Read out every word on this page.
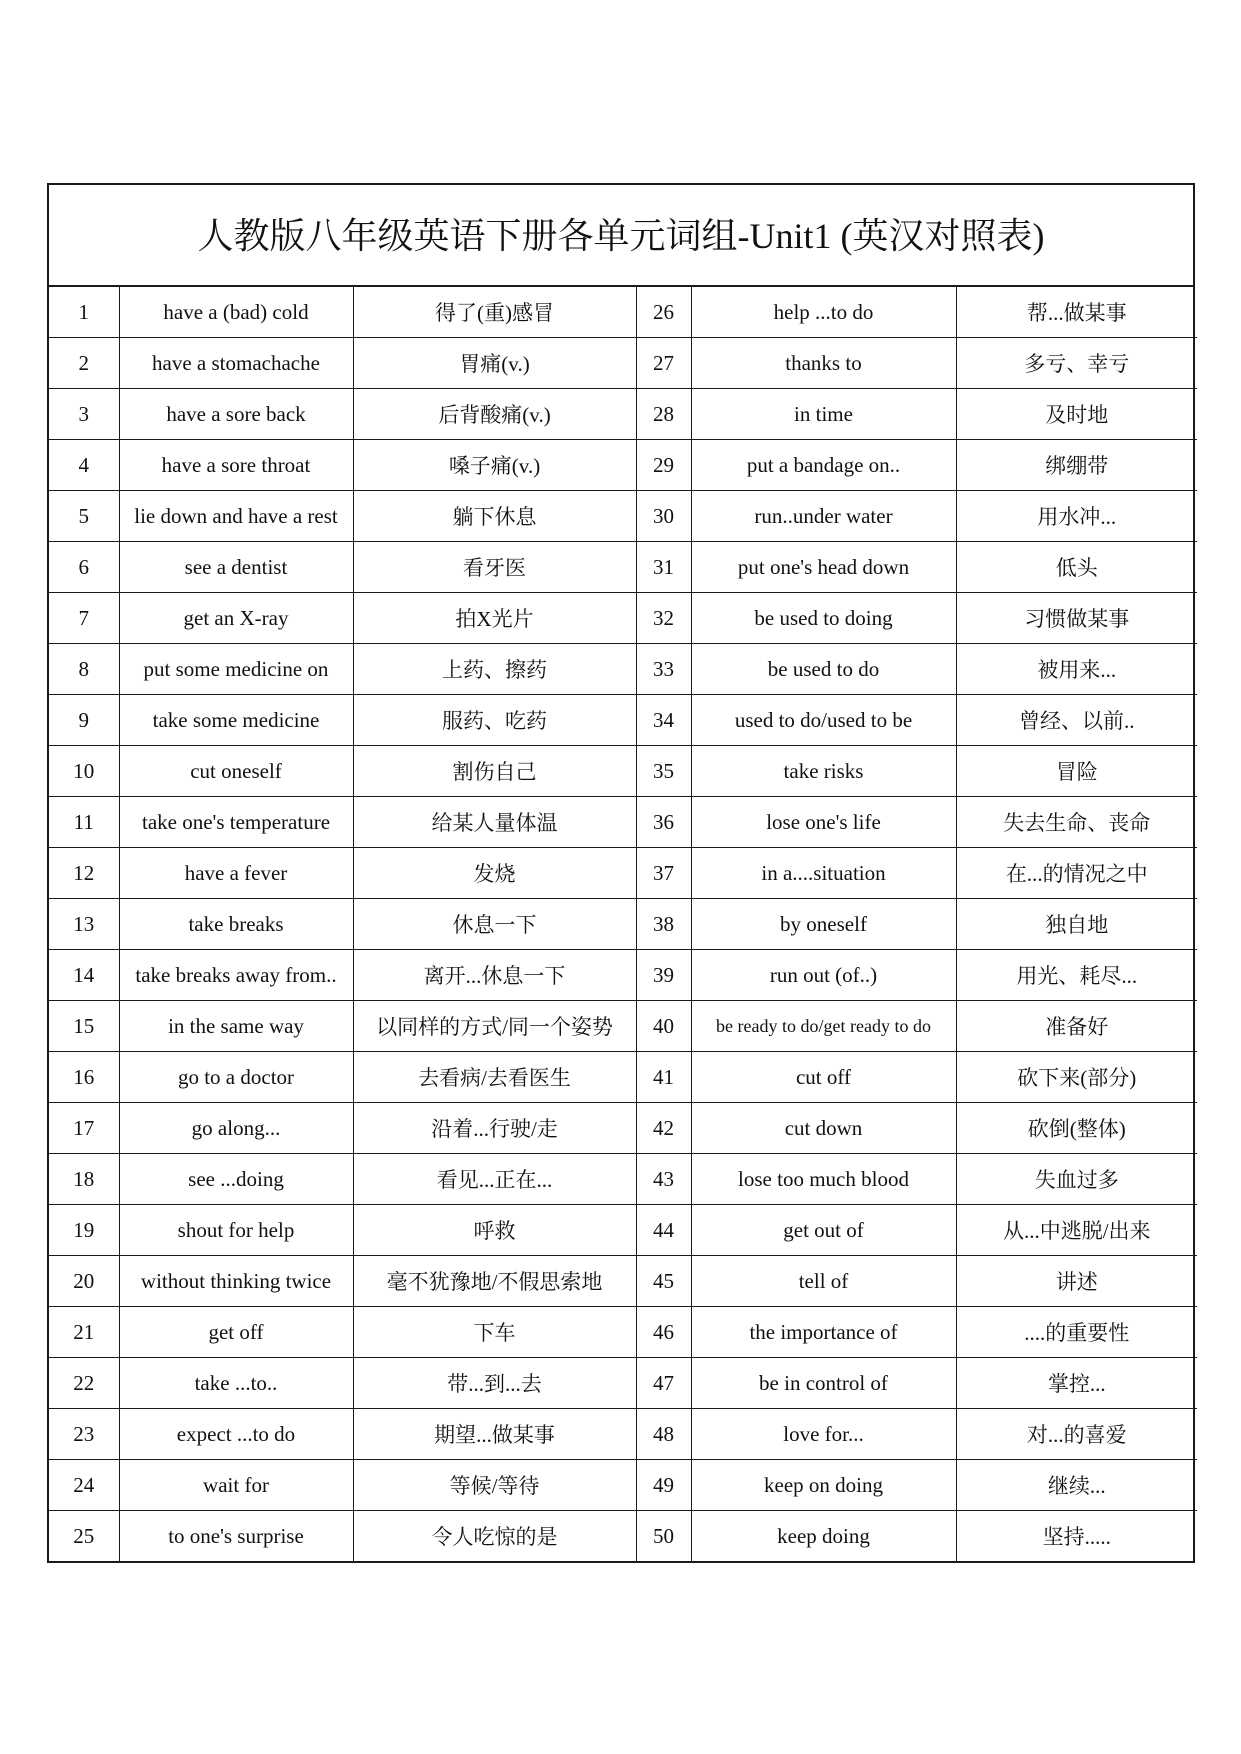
人教版八年级英语下册各单元词组-Unit1 (英汉对照表)
1	have a (bad) cold	得了(重)感冒	26	help ...to do	帮...做某事
2	have a stomachache	胃痛(v.)	27	thanks to	多亏、幸亏
3	have a sore back	后背酸痛(v.)	28	in time	及时地
4	have a sore throat	嗓子痛(v.)	29	put a bandage on..	绑绷带
5	lie down and have a rest	躺下休息	30	run..under water	用水冲...
6	see a dentist	看牙医	31	put one's head down	低头
7	get an X-ray	拍X光片	32	be used to doing	习惯做某事
8	put some medicine on	上药、擦药	33	be used to do	被用来...
9	take some medicine	服药、吃药	34	used to do/used to be	曾经、以前..
10	cut oneself	割伤自己	35	take risks	冒险
11	take one's temperature	给某人量体温	36	lose one's life	失去生命、丧命
12	have a fever	发烧	37	in a....situation	在...的情况之中
13	take breaks	休息一下	38	by oneself	独自地
14	take breaks away from..	离开...休息一下	39	run out (of..)	用光、耗尽...
15	in the same way	以同样的方式/同一个姿势	40	be ready to do/get ready to do	准备好
16	go to a doctor	去看病/去看医生	41	cut off	砍下来(部分)
17	go along...	沿着...行驶/走	42	cut down	砍倒(整体)
18	see ...doing	看见...正在...	43	lose too much blood	失血过多
19	shout for help	呼救	44	get out of	从...中逃脱/出来
20	without thinking twice	毫不犹豫地/不假思索地	45	tell of	讲述
21	get off	下车	46	the importance of	....的重要性
22	take ...to..	带...到...去	47	be in control of	掌控...
23	expect ...to do	期望...做某事	48	love for...	对...的喜爱
24	wait for	等候/等待	49	keep on doing	继续...
25	to one's surprise	令人吃惊的是	50	keep doing	坚持.....
